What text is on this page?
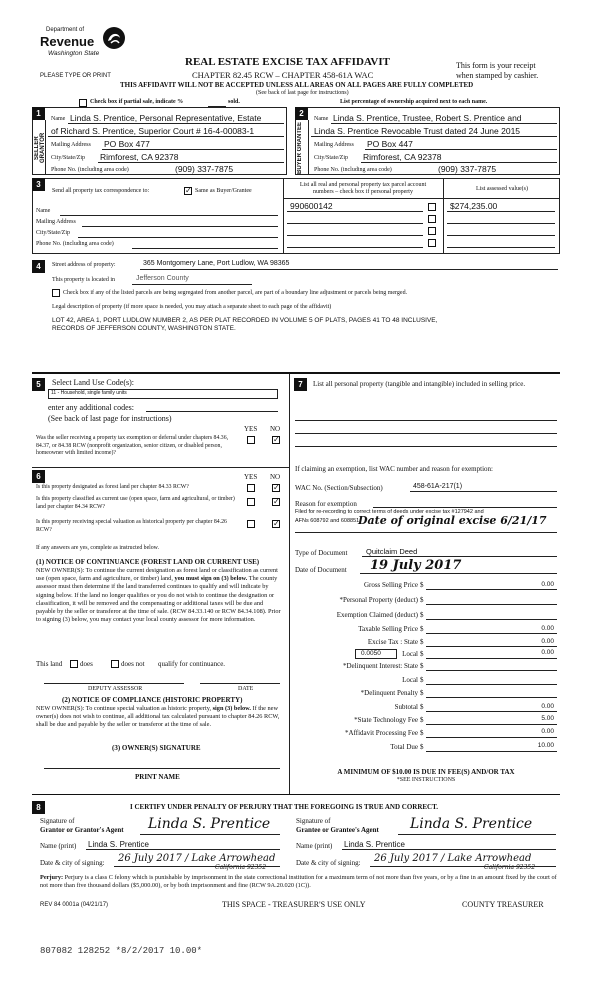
Department of
Revenue
Washington State
PLEASE TYPE OR PRINT
REAL ESTATE EXCISE TAX AFFIDAVIT
CHAPTER 82.45 RCW – CHAPTER 458-61A WAC
THIS AFFIDAVIT WILL NOT BE ACCEPTED UNLESS ALL AREAS ON ALL PAGES ARE FULLY COMPLETED
(See back of last page for instructions)
This form is your receipt
when stamped by cashier.
Check box if partial sale, indicate %	sold.	List percentage of ownership acquired next to each name.
1	2
SELLER GRANTOR	BUYER GRANTEE
Name Linda S. Prentice, Personal Representative, Estate
of Richard S. Prentice, Superior Court # 16-4-00083-1
Mailing Address PO Box 477
City/State/Zip Rimforest, CA 92378
Phone No. (including area code)	(909) 337-7875
Name Linda S. Prentice, Trustee, Robert S. Prentice and
Linda S. Prentice Revocable Trust dated 24 June 2015
Mailing Address PO Box 447
City/State/Zip Rimforest, CA 92378
Phone No. (including area code)	(909) 337-7875
3
Send all property tax correspondence to:
✓	Same as Buyer/Grantee
Name
Mailing Address
City/State/Zip
Phone No. (including area code)
List all real and personal property tax parcel account
numbers – check box if personal property	List assessed value(s)
990600142	$274,235.00
4	Street address of property:	365 Montgomery Lane, Port Ludlow, WA 98365
This property is located in	Jefferson County
Check box if any of the listed parcels are being segregated from another parcel, are part of a boundary line adjustment or parcels being merged.
Legal description of property (if more space is needed, you may attach a separate sheet to each page of the affidavit)
LOT 42, AREA 1, PORT LUDLOW NUMBER 2, AS PER PLAT RECORDED IN VOLUME 5 OF PLATS, PAGES 41 TO 48 INCLUSIVE,
RECORDS OF JEFFERSON COUNTY, WASHINGTON STATE.
5	Select Land Use Code(s):
11 - Household, single family units
enter any additional codes:
(See back of last page for instructions)
YES NO
Was the seller receiving a property tax exemption or deferral under chapters 84.36, 84.37, or 84.38 RCW (nonprofit organization, senior citizen, or disabled person, homeowner with limited income)?
✓
6	YES NO
Is this property designated as forest land per chapter 84.33 RCW?
✓
Is this property classified as current use (open space, farm and agricultural, or timber) land per chapter 84.34 RCW?
✓
Is this property receiving special valuation as historical property per chapter 84.26 RCW?
✓
If any answers are yes, complete as instructed below.
(1) NOTICE OF CONTINUANCE (FOREST LAND OR CURRENT USE)
NEW OWNER(S): To continue the current designation as forest land or classification as current use (open space, farm and agriculture, or timber) land, you must sign on (3) below. The county assessor must then determine if the land transferred continues to qualify and will indicate by signing below. If the land no longer qualifies or you do not wish to continue the designation or classification, it will be removed and the compensating or additional taxes will be due and payable by the seller or transferor at the time of sale. (RCW 84.33.140 or RCW 84.34.108). Prior to signing (3) below, you may contact your local county assessor for more information.
This land	does	does not qualify for continuance.
DEPUTY ASSESSOR	DATE
(2) NOTICE OF COMPLIANCE (HISTORIC PROPERTY)
NEW OWNER(S): To continue special valuation as historic property, sign (3) below. If the new owner(s) does not wish to continue, all additional tax calculated pursuant to chapter 84.26 RCW, shall be due and payable by the seller or transferor at the time of sale.
(3) OWNER(S) SIGNATURE
PRINT NAME
7	List all personal property (tangible and intangible) included in selling price.
If claiming an exemption, list WAC number and reason for exemption:
WAC No. (Section/Subsection)	458-61A-217(1)
Reason for exemption
Filed for re-recording to correct terms of deeds under excise tax #127942 and
AFNs 608792 and 608851
Date of original excise 6/21/17
Type of Document Quitclaim Deed
Date of Document 19 July 2017
Gross Selling Price $	0.00
*Personal Property (deduct) $
Exemption Claimed (deduct) $
Taxable Selling Price $	0.00
Excise Tax : State $	0.00
0.0050	Local $	0.00
*Delinquent Interest: State $
Local $
*Delinquent Penalty $
Subtotal $	0.00
*State Technology Fee $	5.00
*Affidavit Processing Fee $	0.00
Total Due $	10.00
A MINIMUM OF $10.00 IS DUE IN FEE(S) AND/OR TAX
*SEE INSTRUCTIONS
8	I CERTIFY UNDER PENALTY OF PERJURY THAT THE FOREGOING IS TRUE AND CORRECT.
Signature of
Grantor or Grantor's Agent Linda S. Prentice	Signature of
Grantee or Grantee's Agent Linda S. Prentice
Name (print) Linda S. Prentice	Name (print) Linda S. Prentice
Date & city of signing: 26 July 2017 / Lake Arrowhead
California 92352
Date & city of signing: 26 July 2017 / Lake Arrowhead
California 92352
Perjury: Perjury is a class C felony which is punishable by imprisonment in the state correctional institution for a maximum term of not more than five years, or by a fine in an amount fixed by the court of not more than five thousand dollars ($5,000.00), or by both imprisonment and fine (RCW 9A.20.020 (1C)).
REV 84 0001a (04/21/17)	THIS SPACE - TREASURER'S USE ONLY	COUNTY TREASURER
807082 128252 *8/2/2017 10.00*
